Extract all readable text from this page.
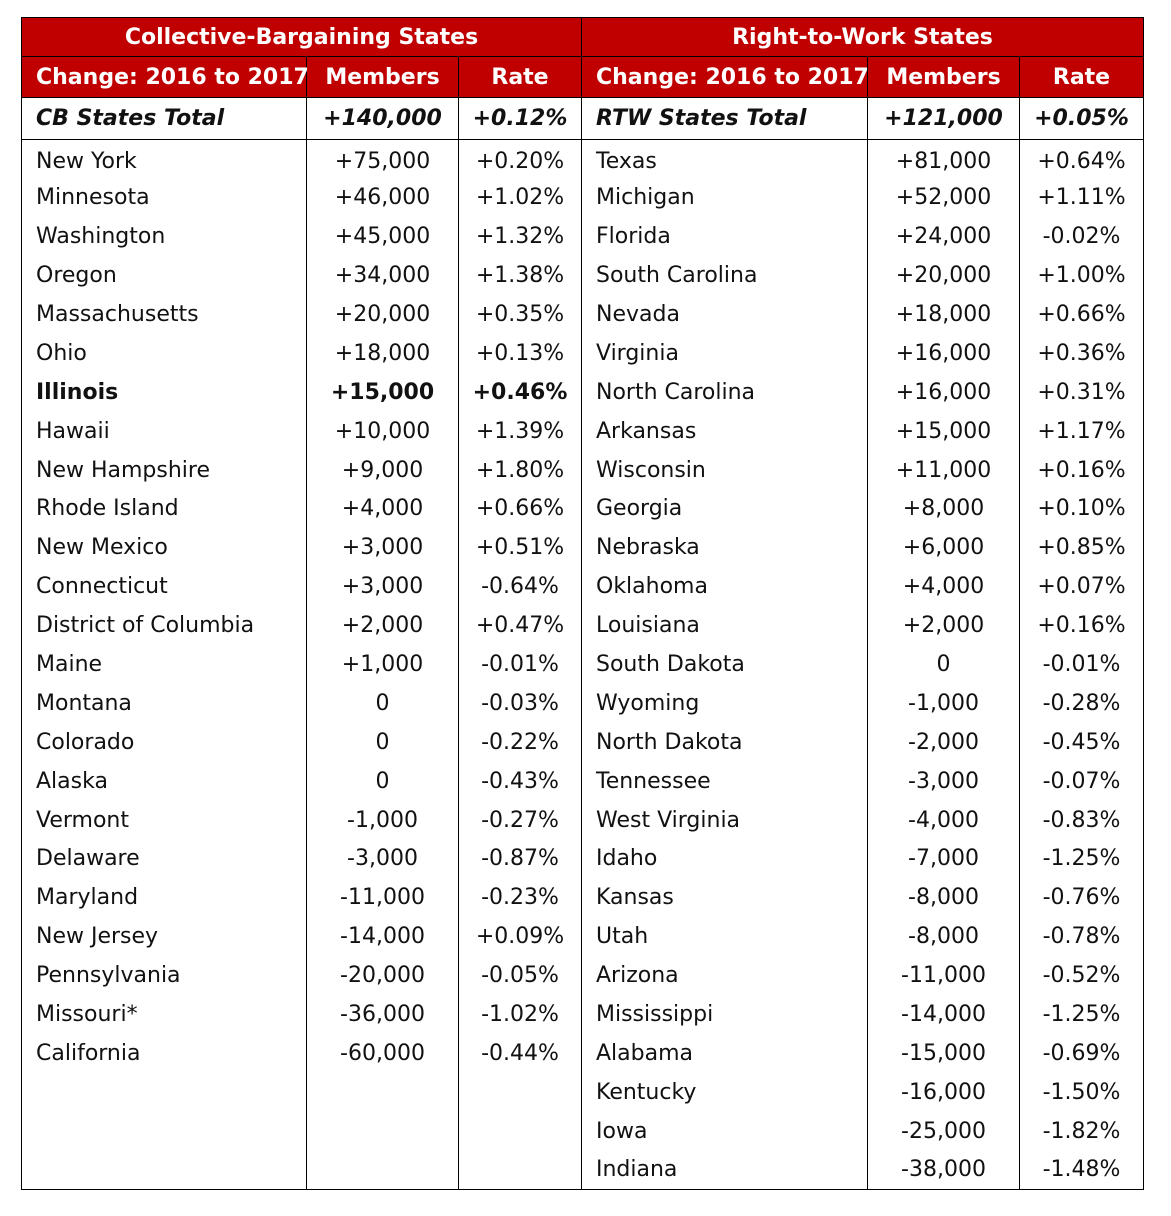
Collective-Bargaining States			Right-to-Work States		
Change: 2016 to 2017	Members	Rate	Change: 2016 to 2017	Members	Rate
CB States Total	+140,000	+0.12%	RTW States Total	+121,000	+0.05%
New York	+75,000	+0.20%	Texas	+81,000	+0.64%
Minnesota	+46,000	+1.02%	Michigan	+52,000	+1.11%
Washington	+45,000	+1.32%	Florida	+24,000	-0.02%
Oregon	+34,000	+1.38%	South Carolina	+20,000	+1.00%
Massachusetts	+20,000	+0.35%	Nevada	+18,000	+0.66%
Ohio	+18,000	+0.13%	Virginia	+16,000	+0.36%
Illinois	+15,000	+0.46%	North Carolina	+16,000	+0.31%
Hawaii	+10,000	+1.39%	Arkansas	+15,000	+1.17%
New Hampshire	+9,000	+1.80%	Wisconsin	+11,000	+0.16%
Rhode Island	+4,000	+0.66%	Georgia	+8,000	+0.10%
New Mexico	+3,000	+0.51%	Nebraska	+6,000	+0.85%
Connecticut	+3,000	-0.64%	Oklahoma	+4,000	+0.07%
District of Columbia	+2,000	+0.47%	Louisiana	+2,000	+0.16%
Maine	+1,000	-0.01%	South Dakota	0	-0.01%
Montana	0	-0.03%	Wyoming	-1,000	-0.28%
Colorado	0	-0.22%	North Dakota	-2,000	-0.45%
Alaska	0	-0.43%	Tennessee	-3,000	-0.07%
Vermont	-1,000	-0.27%	West Virginia	-4,000	-0.83%
Delaware	-3,000	-0.87%	Idaho	-7,000	-1.25%
Maryland	-11,000	-0.23%	Kansas	-8,000	-0.76%
New Jersey	-14,000	+0.09%	Utah	-8,000	-0.78%
Pennsylvania	-20,000	-0.05%	Arizona	-11,000	-0.52%
Missouri*	-36,000	-1.02%	Mississippi	-14,000	-1.25%
California	-60,000	-0.44%	Alabama	-15,000	-0.69%
			Kentucky	-16,000	-1.50%
			Iowa	-25,000	-1.82%
			Indiana	-38,000	-1.48%
